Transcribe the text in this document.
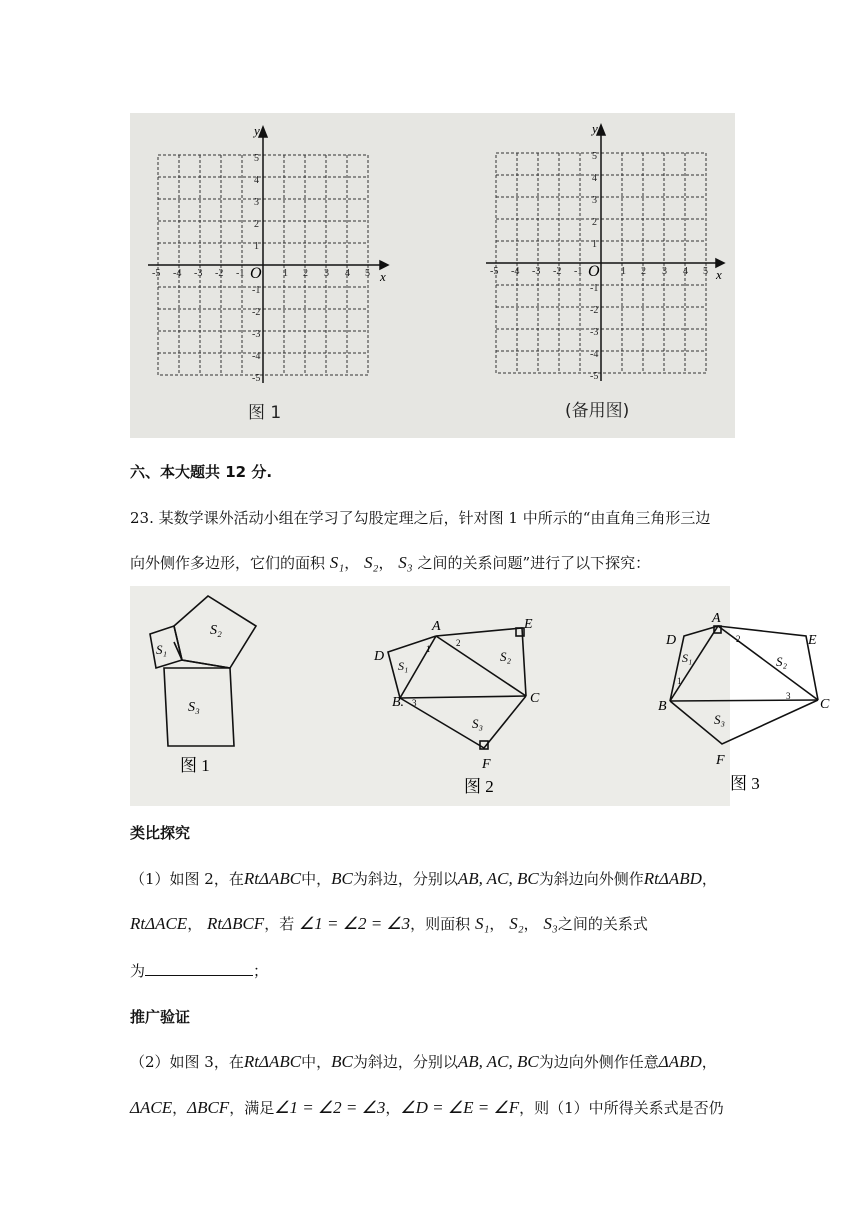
-5 -4 -3 -2 -1	1 2 3 4 5
5
4
3
2
1
-1
-2
-3
-4
-5
O	x
y
-5 -4 -3 -2 -1	1 2 3 4 5
5
4
3
2
1
-1
-2
-3
-4
-5
O	x
y
图 1	(备用图)
六、本大题共 12 分.
23. 某数学课外活动小组在学习了勾股定理之后，针对图 1 中所示的“由直角三角形三边
向外侧作多边形，它们的面积 S₁， S₂， S₃ 之间的关系问题”进行了以下探究：
S₁
S₂
S₃
图 1
A
B.	C
D
E
F
S₁
S₂
S₃
1
2
3
图 2
A
B	C
D	E
F
S₁	S₂
S₃
1
2
3
图 3
类比探究
（1）如图 2，在RtΔABC中，BC为斜边，分别以AB, AC, BC为斜边向外侧作RtΔABD，
RtΔACE， RtΔBCF，若 ∠1 = ∠2 = ∠3，则面积 S₁， S₂， S₃之间的关系式
为	；
推广验证
（2）如图 3，在RtΔABC中，BC为斜边，分别以AB, AC, BC为边向外侧作任意ΔABD，
ΔACE，ΔBCF，满足∠1 = ∠2 = ∠3，∠D = ∠E = ∠F，则（1）中所得关系式是否仍
